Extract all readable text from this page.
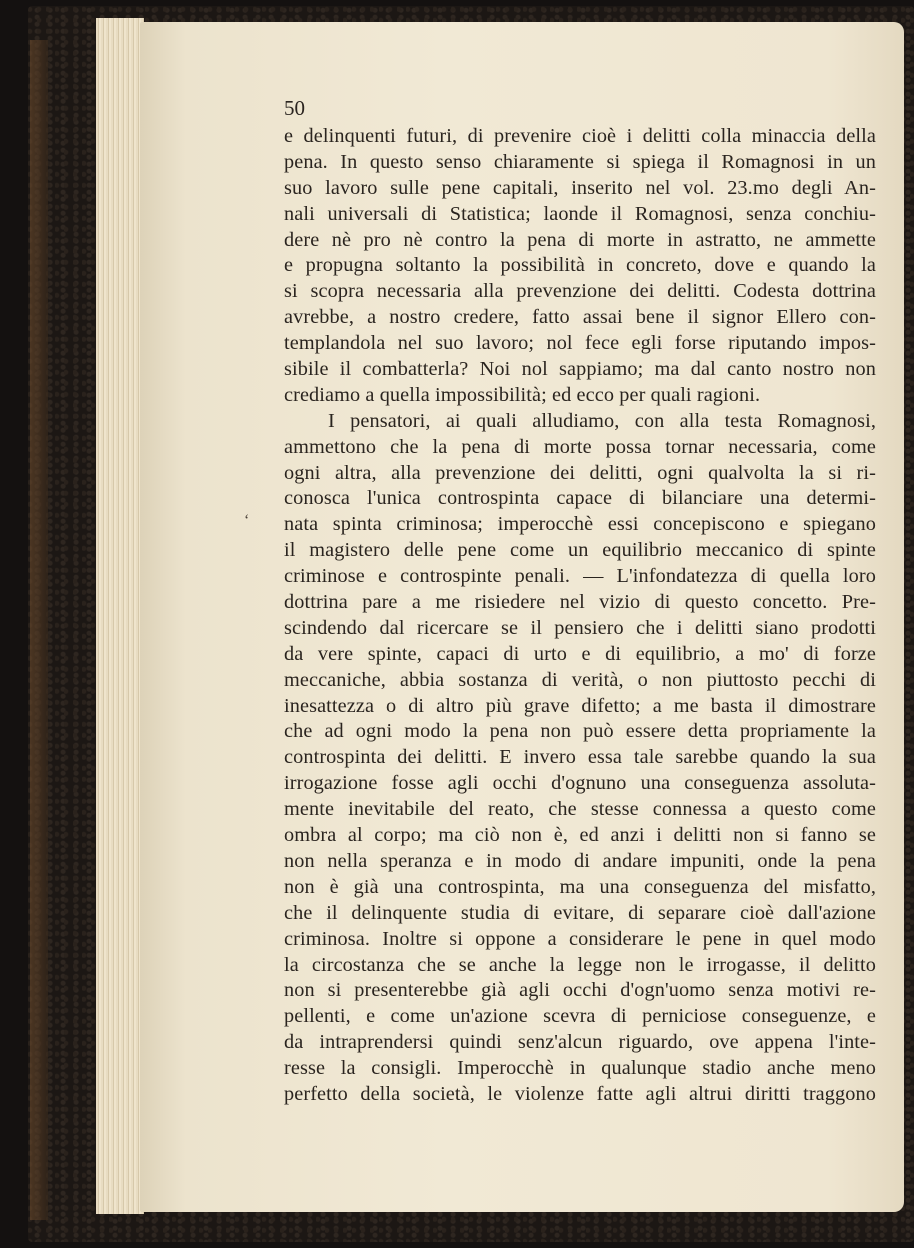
ʻ
50
e delinquenti futuri, di prevenire cioè i delitti colla minaccia della
pena. In questo senso chiaramente si spiega il Romagnosi in un
suo lavoro sulle pene capitali, inserito nel vol. 23.mo degli An-
nali universali di Statistica; laonde il Romagnosi, senza conchiu-
dere nè pro nè contro la pena di morte in astratto, ne ammette
e propugna soltanto la possibilità in concreto, dove e quando la
si scopra necessaria alla prevenzione dei delitti. Codesta dottrina
avrebbe, a nostro credere, fatto assai bene il signor Ellero con-
templandola nel suo lavoro; nol fece egli forse riputando impos-
sibile il combatterla? Noi nol sappiamo; ma dal canto nostro non
crediamo a quella impossibilità; ed ecco per quali ragioni.
I pensatori, ai quali alludiamo, con alla testa Romagnosi,
ammettono che la pena di morte possa tornar necessaria, come
ogni altra, alla prevenzione dei delitti, ogni qualvolta la si ri-
conosca l'unica controspinta capace di bilanciare una determi-
nata spinta criminosa; imperocchè essi concepiscono e spiegano
il magistero delle pene come un equilibrio meccanico di spinte
criminose e controspinte penali. — L'infondatezza di quella loro
dottrina pare a me risiedere nel vizio di questo concetto. Pre-
scindendo dal ricercare se il pensiero che i delitti siano prodotti
da vere spinte, capaci di urto e di equilibrio, a mo' di forze
meccaniche, abbia sostanza di verità, o non piuttosto pecchi di
inesattezza o di altro più grave difetto; a me basta il dimostrare
che ad ogni modo la pena non può essere detta propriamente la
controspinta dei delitti. E invero essa tale sarebbe quando la sua
irrogazione fosse agli occhi d'ognuno una conseguenza assoluta-
mente inevitabile del reato, che stesse connessa a questo come
ombra al corpo; ma ciò non è, ed anzi i delitti non si fanno se
non nella speranza e in modo di andare impuniti, onde la pena
non è già una controspinta, ma una conseguenza del misfatto,
che il delinquente studia di evitare, di separare cioè dall'azione
criminosa. Inoltre si oppone a considerare le pene in quel modo
la circostanza che se anche la legge non le irrogasse, il delitto
non si presenterebbe già agli occhi d'ogn'uomo senza motivi re-
pellenti, e come un'azione scevra di perniciose conseguenze, e
da intraprendersi quindi senz'alcun riguardo, ove appena l'inte-
resse la consigli. Imperocchè in qualunque stadio anche meno
perfetto della società, le violenze fatte agli altrui diritti traggono
